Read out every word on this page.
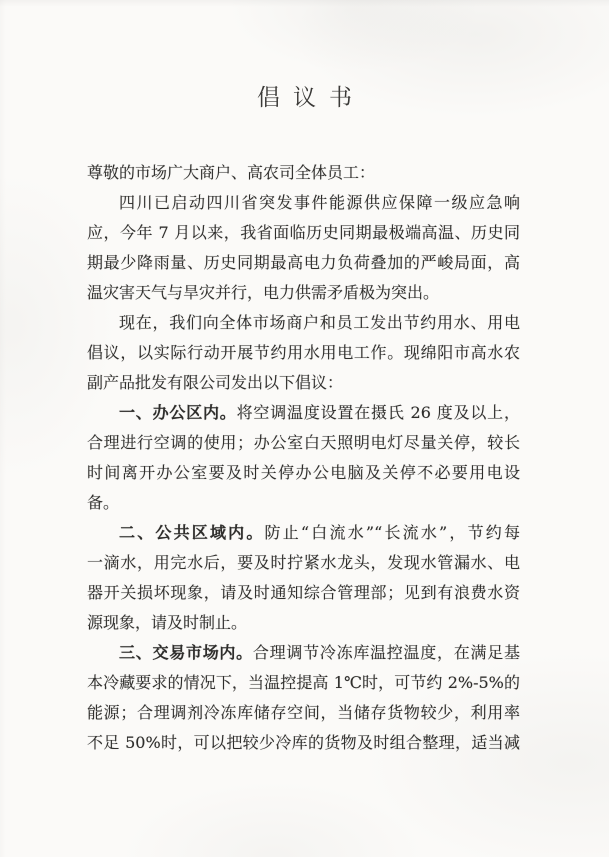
倡议书
尊敬的市场广大商户、高农司全体员工：
四川已启动四川省突发事件能源供应保障一级应急响
应，今年 7 月以来，我省面临历史同期最极端高温、历史同
期最少降雨量、历史同期最高电力负荷叠加的严峻局面，高
温灾害天气与旱灾并行，电力供需矛盾极为突出。
现在，我们向全体市场商户和员工发出节约用水、用电
倡议，以实际行动开展节约用水用电工作。现绵阳市高水农
副产品批发有限公司发出以下倡议：
一、办公区内。将空调温度设置在摄氏 26 度及以上，
合理进行空调的使用；办公室白天照明电灯尽量关停，较长
时间离开办公室要及时关停办公电脑及关停不必要用电设
备。
二、公共区域内。防止“白流水”“长流水”，节约每
一滴水，用完水后，要及时拧紧水龙头，发现水管漏水、电
器开关损坏现象，请及时通知综合管理部；见到有浪费水资
源现象，请及时制止。
三、交易市场内。合理调节冷冻库温控温度，在满足基
本冷藏要求的情况下，当温控提高 1℃时，可节约 2%-5%的
能源；合理调剂冷冻库储存空间，当储存货物较少，利用率
不足 50%时，可以把较少冷库的货物及时组合整理，适当减
